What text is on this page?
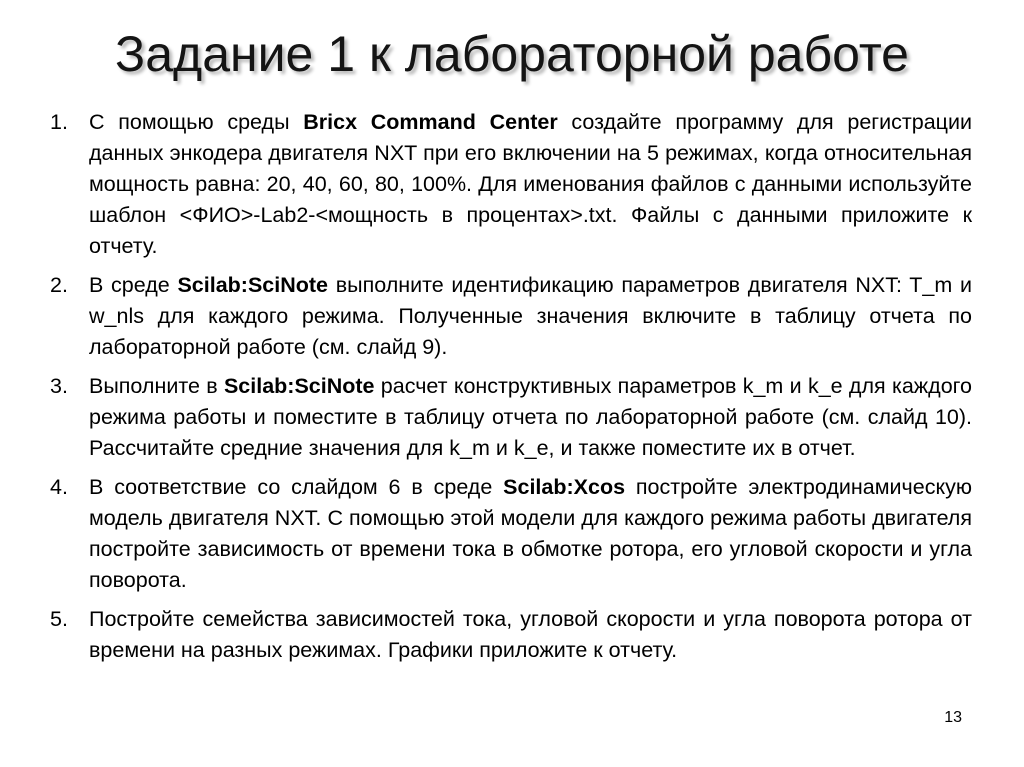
Задание 1 к лабораторной работе
1. С помощью среды Bricx Command Center создайте программу для регистрации данных энкодера двигателя NXT при его включении на 5 режимах, когда относительная мощность равна: 20, 40, 60, 80, 100%. Для именования файлов с данными используйте шаблон <ФИО>-Lab2-<мощность в процентах>.txt. Файлы с данными приложите к отчету.
2. В среде Scilab:SciNote выполните идентификацию параметров двигателя NXT: T_m и w_nls для каждого режима. Полученные значения включите в таблицу отчета по лабораторной работе (см. слайд 9).
3. Выполните в Scilab:SciNote расчет конструктивных параметров k_m и k_e для каждого режима работы и поместите в таблицу отчета по лабораторной работе (см. слайд 10). Рассчитайте средние значения для k_m и k_e, и также поместите их в отчет.
4. В соответствие со слайдом 6 в среде Scilab:Xcos постройте электродинамическую модель двигателя NXT. С помощью этой модели для каждого режима работы двигателя постройте зависимость от времени тока в обмотке ротора, его угловой скорости и угла поворота.
5. Постройте семейства зависимостей тока, угловой скорости и угла поворота ротора от времени на разных режимах. Графики приложите к отчету.
13
